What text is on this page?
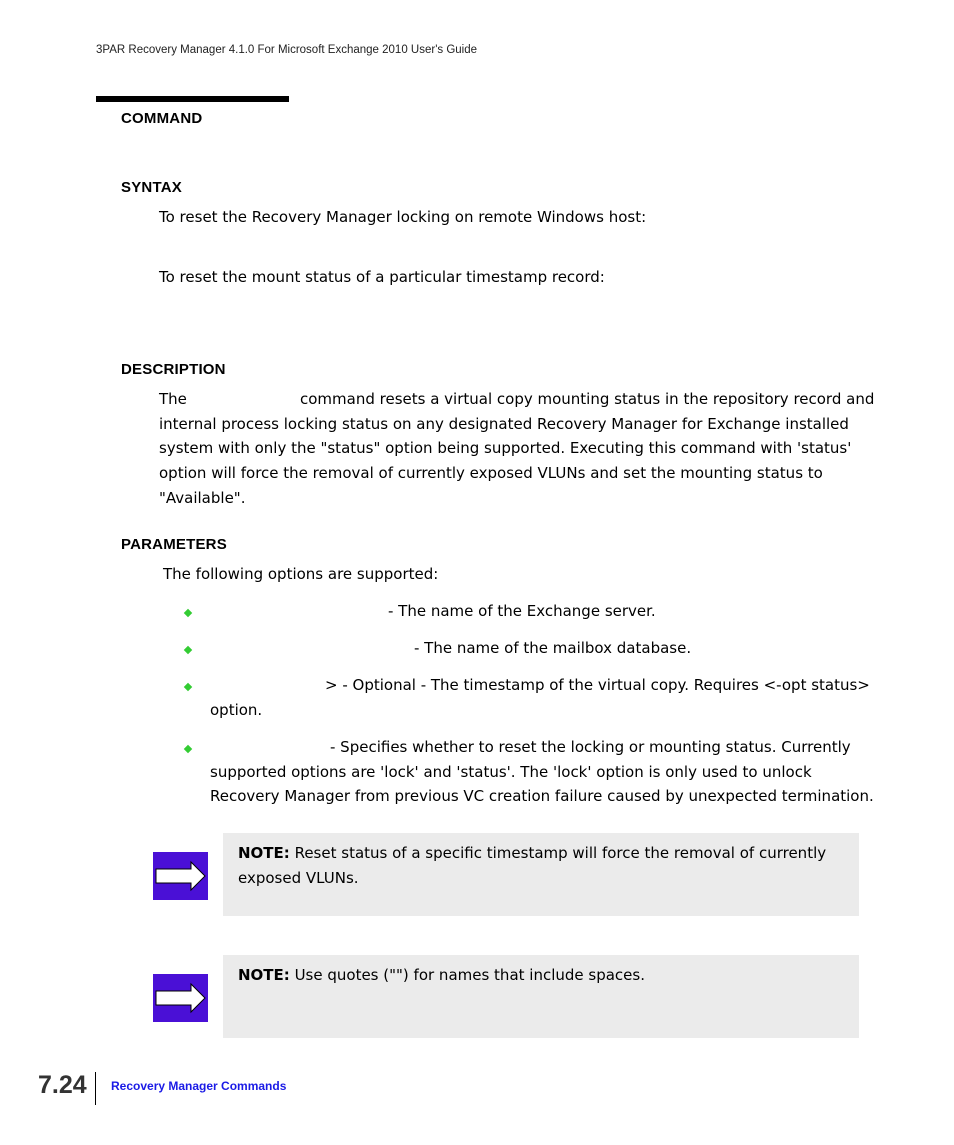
3PAR Recovery Manager 4.1.0 For Microsoft Exchange 2010 User's Guide
COMMAND
SYNTAX
To reset the Recovery Manager locking on remote Windows host:
To reset the mount status of a particular timestamp record:
DESCRIPTION
The	command resets a virtual copy mounting status in the repository record and
internal process locking status on any designated Recovery Manager for Exchange installed
system with only the "status" option being supported. Executing this command with 'status'
option will force the removal of currently exposed VLUNs and set the mounting status to
"Available".
PARAMETERS
The following options are supported:
- The name of the Exchange server.
- The name of the mailbox database.
> - Optional - The timestamp of the virtual copy. Requires <-opt status>
option.
- Specifies whether to reset the locking or mounting status. Currently
supported options are 'lock' and 'status'. The 'lock' option is only used to unlock
Recovery Manager from previous VC creation failure caused by unexpected termination.
NOTE: Reset status of a specific timestamp will force the removal of currently
exposed VLUNs.
NOTE: Use quotes ("") for names that include spaces.
7.24 Recovery Manager Commands
